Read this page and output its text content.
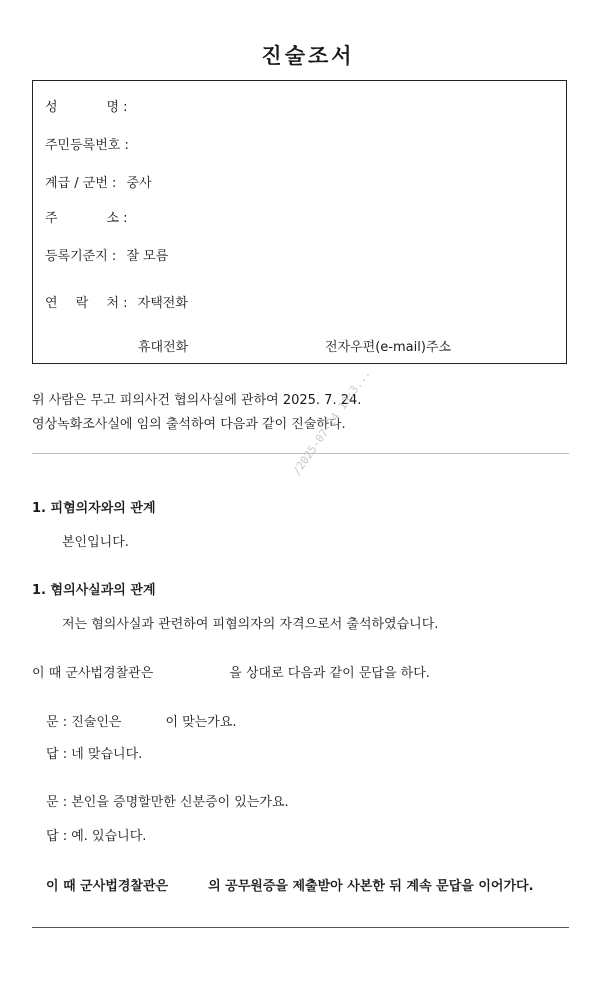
진술조서
성	명 :
주민등록번호 :
계급 / 군번 : 중사
주	소 :
등록기준지 : 잘 모름
연 락 처 : 자택전화
휴대전화	전자우편(e-mail)주소
위 사람은 무고 피의사건 협의사실에 관하여 2025. 7. 24.
영상녹화조사실에 임의 출석하여 다음과 같이 진술하다.
/2025-07-24 13:3...
1. 피혐의자와의 관계
본인입니다.
1. 혐의사실과의 관계
저는 혐의사실과 관련하여 피혐의자의 자격으로서 출석하였습니다.
이 때 군사법경찰관은	을 상대로 다음과 같이 문답을 하다.
문 : 진술인은	이 맞는가요.
답 : 네 맞습니다.
문 : 본인을 증명할만한 신분증이 있는가요.
답 : 예. 있습니다.
이 때 군사법경찰관은	의 공무원증을 제출받아 사본한 뒤 계속 문답을 이어가다.
